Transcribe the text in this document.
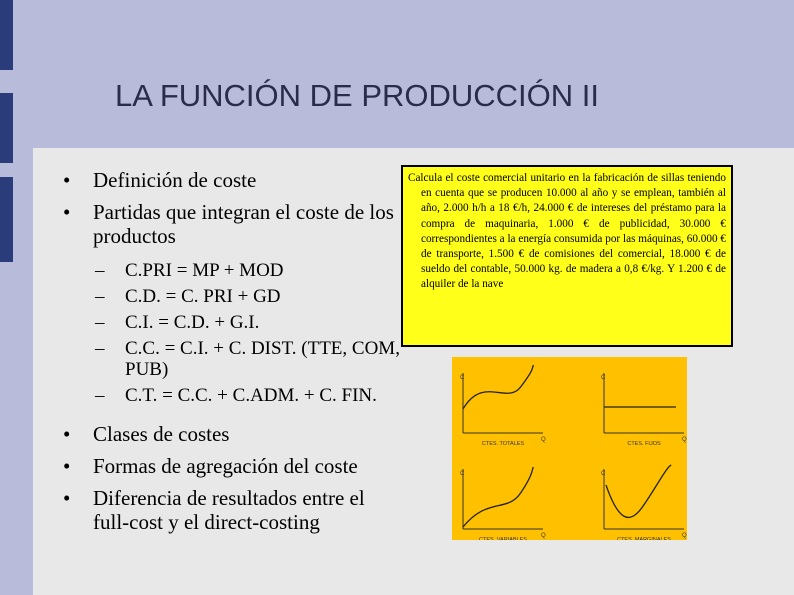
LA FUNCIÓN DE PRODUCCIÓN II
• Definición de coste
• Partidas que integran el coste de los productos
– C.PRI = MP + MOD
– C.D. = C. PRI + GD
– C.I. = C.D. + G.I.
– C.C. = C.I. + C. DIST. (TTE, COM, PUB)
– C.T. = C.C. + C.ADM. + C. FIN.
• Clases de costes
• Formas de agregación del coste
• Diferencia de resultados entre el full-cost y el direct-costing
Calcula el coste comercial unitario en la fabricación de sillas teniendo en cuenta que se producen 10.000 al año y se emplean, también al año, 2.000 h/h a 18 €/h, 24.000 € de intereses del préstamo para la compra de maquinaria, 1.000 € de publicidad, 30.000 € correspondientes a la energía consumida por las máquinas, 60.000 € de transporte, 1.500 € de comisiones del comercial, 18.000 € de sueldo del contable, 50.000 kg. de madera a 0,8 €/kg. Y 1.200 € de alquiler de la nave
C
Q
CTES. TOTALES
C
Q
CTES. FIJOS
C
Q
CTES. VARIABLES
C
Q
CTES. MARGINALES
